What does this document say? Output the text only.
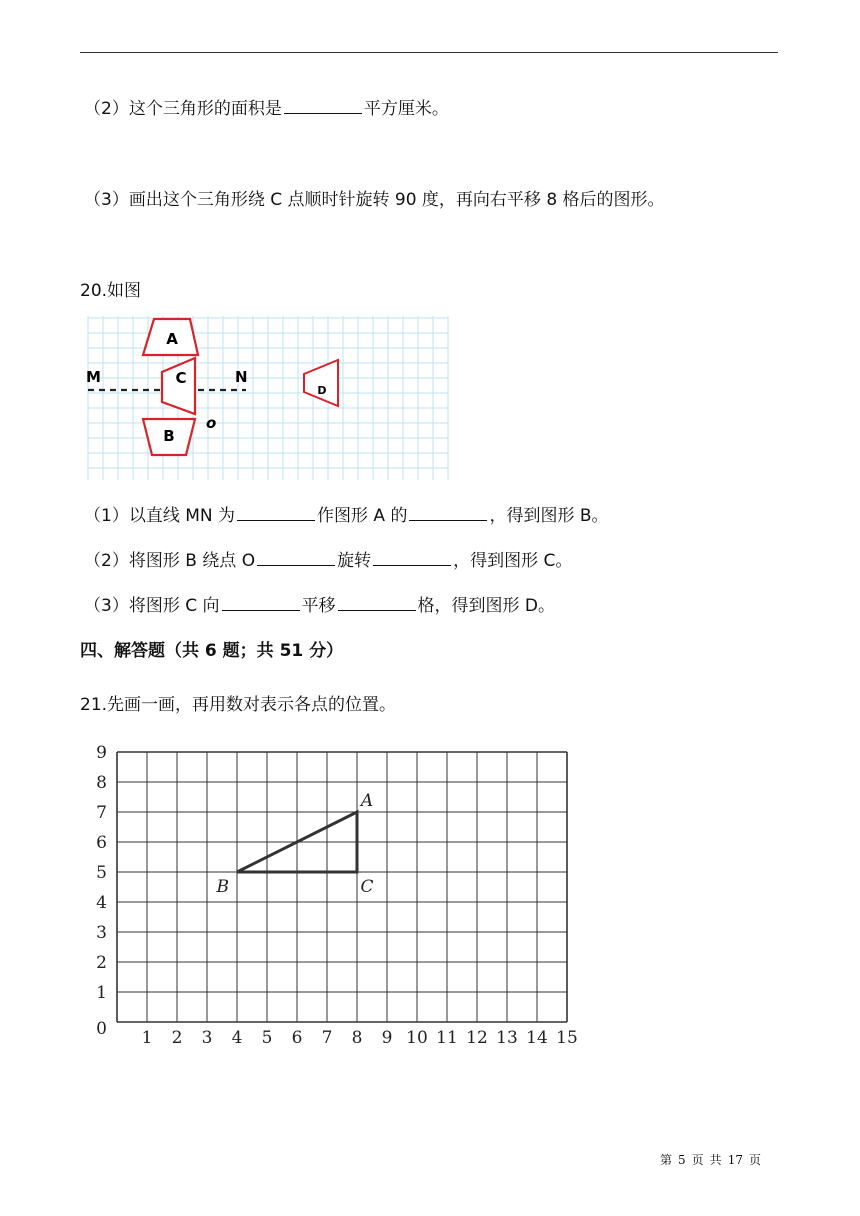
（2）这个三角形的面积是	平方厘米。
（3）画出这个三角形绕 C 点顺时针旋转 90 度，再向右平移 8 格后的图形。
20.如图
A
C
B
D
M	N
o
（1）以直线 MN 为	作图形 A 的	，得到图形 B。
（2）将图形 B 绕点 O	旋转	，得到图形 C。
（3）将图形 C 向	平移	格，得到图形 D。
四、解答题（共 6 题；共 51 分）
21.先画一画，再用数对表示各点的位置。
1 2 3 4 5 6 7 8 9 10 11 12 13 14 15
0
1
2
3
4
5
6
7
8
9
A
B	C
第 5 页 共 17 页
